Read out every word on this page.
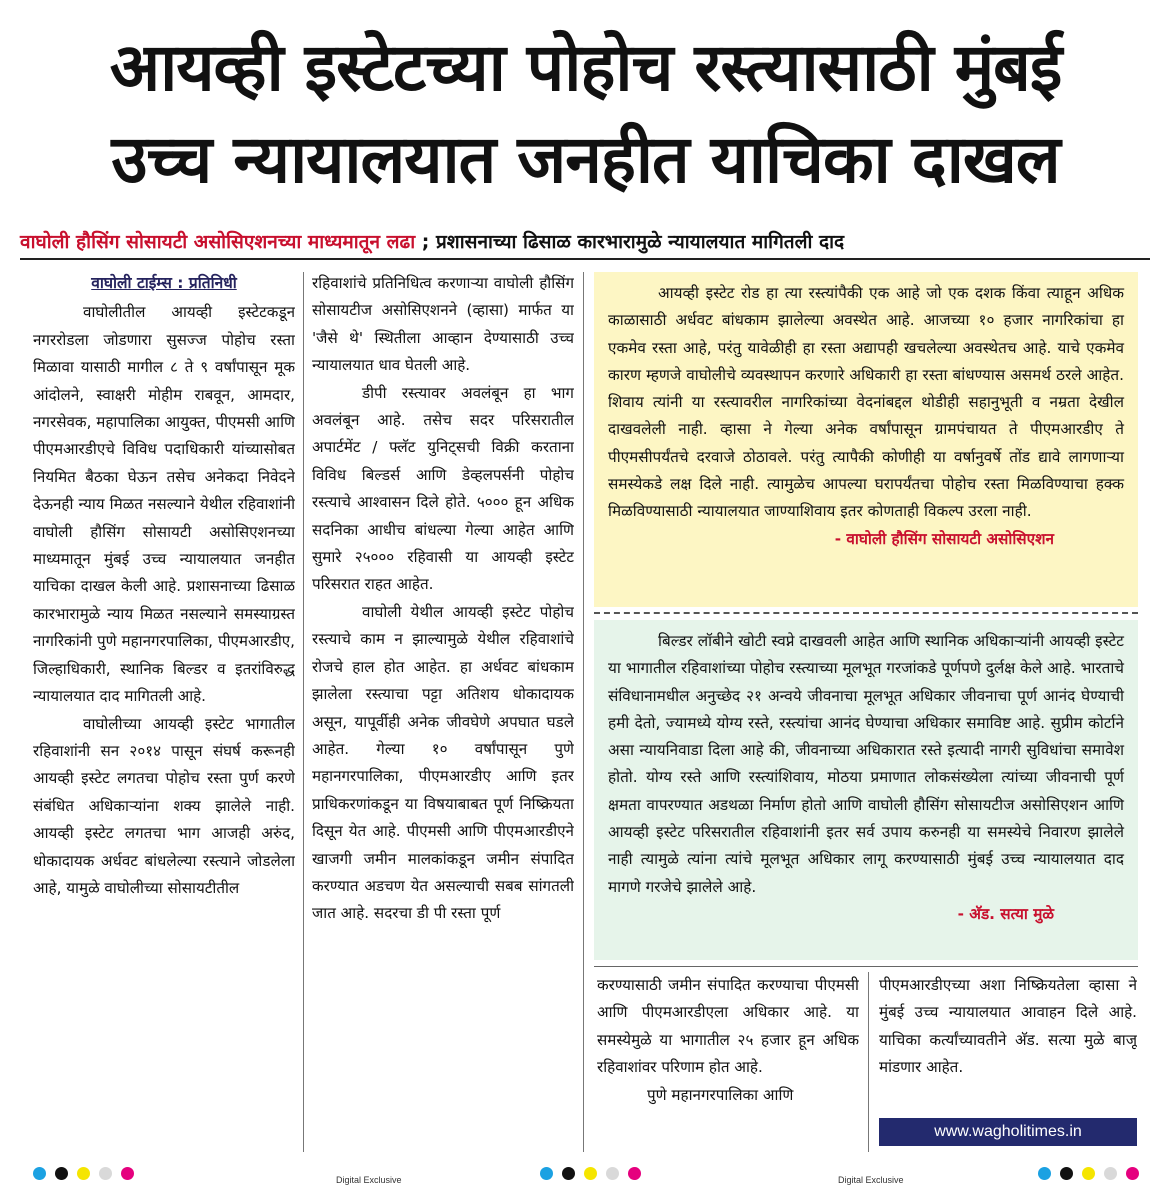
आयव्ही इस्टेटच्या पोहोच रस्त्यासाठी मुंबई
उच्च न्यायालयात जनहीत याचिका दाखल
वाघोली हौसिंग सोसायटी असोसिएशनच्या माध्यमातून लढा ; प्रशासनाच्या ढिसाळ कारभारामुळे न्यायालयात मागितली दाद
वाघोली टाईम्स : प्रतिनिधी

वाघोलीतील आयव्ही इस्टेटकडून नगररोडला जोडणारा सुसज्ज पोहोच रस्ता मिळावा यासाठी मागील ८ ते ९ वर्षांपासून मूक आंदोलने, स्वाक्षरी मोहीम राबवून, आमदार, नगरसेवक, महापालिका आयुक्त, पीएमसी आणि पीएमआरडीएचे विविध पदाधिकारी यांच्यासोबत नियमित बैठका घेऊन तसेच अनेकदा निवेदने देऊनही न्याय मिळत नसल्याने येथील रहिवाशांनी वाघोली हौसिंग सोसायटी असोसिएशनच्या माध्यमातून मुंबई उच्च न्यायालयात जनहीत याचिका दाखल केली आहे. प्रशासनाच्या ढिसाळ कारभारामुळे न्याय मिळत नसल्याने समस्याग्रस्त नागरिकांनी पुणे महानगरपालिका, पीएमआरडीए, जिल्हाधिकारी, स्थानिक बिल्डर व इतरांविरुद्ध न्यायालयात दाद मागितली आहे.

वाघोलीच्या आयव्ही इस्टेट भागातील रहिवाशांनी सन २०१४ पासून संघर्ष करूनही आयव्ही इस्टेट लगतचा पोहोच रस्ता पुर्ण करणे संबंधित अधिकाऱ्यांना शक्य झालेले नाही. आयव्ही इस्टेट लगतचा भाग आजही अरुंद, धोकादायक अर्धवट बांधलेल्या रस्त्याने जोडलेला आहे, यामुळे वाघोलीच्या सोसायटीतील

रहिवाशांचे प्रतिनिधित्व करणाऱ्या वाघोली हौसिंग सोसायटीज असोसिएशनने (व्हासा) मार्फत या 'जैसे थे' स्थितीला आव्हान देण्यासाठी उच्च न्यायालयात धाव घेतली आहे.

डीपी रस्त्यावर अवलंबून हा भाग अवलंबून आहे. तसेच सदर परिसरातील अपार्टमेंट / फ्लॅट युनिट्सची विक्री करताना विविध बिल्डर्स आणि डेव्हलपर्सनी पोहोच रस्त्याचे आश्वासन दिले होते. ५००० हून अधिक सदनिका आधीच बांधल्या गेल्या आहेत आणि सुमारे २५००० रहिवासी या आयव्ही इस्टेट परिसरात राहत आहेत.

वाघोली येथील आयव्ही इस्टेट पोहोच रस्त्याचे काम न झाल्यामुळे येथील रहिवाशांचे रोजचे हाल होत आहेत. हा अर्धवट बांधकाम झालेला रस्त्याचा पट्टा अतिशय धोकादायक असून, यापूर्वीही अनेक जीवघेणे अपघात घडले आहेत. गेल्या १० वर्षांपासून पुणे महानगरपालिका, पीएमआरडीए आणि इतर प्राधिकरणांकडून या विषयाबाबत पूर्ण निष्क्रियता दिसून येत आहे. पीएमसी आणि पीएमआरडीएने खाजगी जमीन मालकांकडून जमीन संपादित करण्यात अडचण येत असल्याची सबब सांगतली जात आहे. सदरचा डी पी रस्ता पूर्ण

आयव्ही इस्टेट रोड हा त्या रस्त्यांपैकी एक आहे जो एक दशक किंवा त्याहून अधिक काळासाठी अर्धवट बांधकाम झालेल्या अवस्थेत आहे. आजच्या १० हजार नागरिकांचा हा एकमेव रस्ता आहे, परंतु यावेळीही हा रस्ता अद्यापही खचलेल्या अवस्थेतच आहे. याचे एकमेव कारण म्हणजे वाघोलीचे व्यवस्थापन करणारे अधिकारी हा रस्ता बांधण्यास असमर्थ ठरले आहेत. शिवाय त्यांनी या रस्त्यावरील नागरिकांच्या वेदनांबद्दल थोडीही सहानुभूती व नम्रता देखील दाखवलेली नाही. व्हासा ने गेल्या अनेक वर्षांपासून ग्रामपंचायत ते पीएमआरडीए ते पीएमसीपर्यंतचे दरवाजे ठोठावले. परंतु त्यापैकी कोणीही या वर्षानुवर्षे तोंड द्यावे लागणाऱ्या समस्येकडे लक्ष दिले नाही. त्यामुळेच आपल्या घरापर्यंतचा पोहोच रस्ता मिळविण्याचा हक्क मिळविण्यासाठी न्यायालयात जाण्याशिवाय इतर कोणताही विकल्प उरला नाही.

- वाघोली हौसिंग सोसायटी असोसिएशन

बिल्डर लॉबीने खोटी स्वप्ने दाखवली आहेत आणि स्थानिक अधिकाऱ्यांनी आयव्ही इस्टेट या भागातील रहिवाशांच्या पोहोच रस्त्याच्या मूलभूत गरजांकडे पूर्णपणे दुर्लक्ष केले आहे. भारताचे संविधानामधील अनुच्छेद २१ अन्वये जीवनाचा मूलभूत अधिकार जीवनाचा पूर्ण आनंद घेण्याची हमी देतो, ज्यामध्ये योग्य रस्ते, रस्त्यांचा आनंद घेण्याचा अधिकार समाविष्ट आहे. सुप्रीम कोर्टाने असा न्यायनिवाडा दिला आहे की, जीवनाच्या अधिकारात रस्ते इत्यादी नागरी सुविधांचा समावेश होतो. योग्य रस्ते आणि रस्त्यांशिवाय, मोठया प्रमाणात लोकसंख्येला त्यांच्या जीवनाची पूर्ण क्षमता वापरण्यात अडथळा निर्माण होतो आणि वाघोली हौसिंग सोसायटीज असोसिएशन आणि आयव्ही इस्टेट परिसरातील रहिवाशांनी इतर सर्व उपाय करुनही या समस्येचे निवारण झालेले नाही त्यामुळे त्यांना त्यांचे मूलभूत अधिकार लागू करण्यासाठी मुंबई उच्च न्यायालयात दाद मागणे गरजेचे झालेले आहे.

- अ‍ॅड. सत्या मुळे

करण्यासाठी जमीन संपादित करण्याचा पीएमसी आणि पीएमआरडीएला अधिकार आहे. या समस्येमुळे या भागातील २५ हजार हून अधिक रहिवाशांवर परिणाम होत आहे.

पुणे महानगरपालिका आणि

पीएमआरडीएच्या अशा निष्क्रियतेला व्हासा ने मुंबई उच्च न्यायालयात आवाहन दिले आहे. याचिका कर्त्यांच्यावतीने अ‍ॅड. सत्या मुळे बाजू मांडणार आहेत.

www.wagholitimes.in
Digital Exclusive	Digital Exclusive
